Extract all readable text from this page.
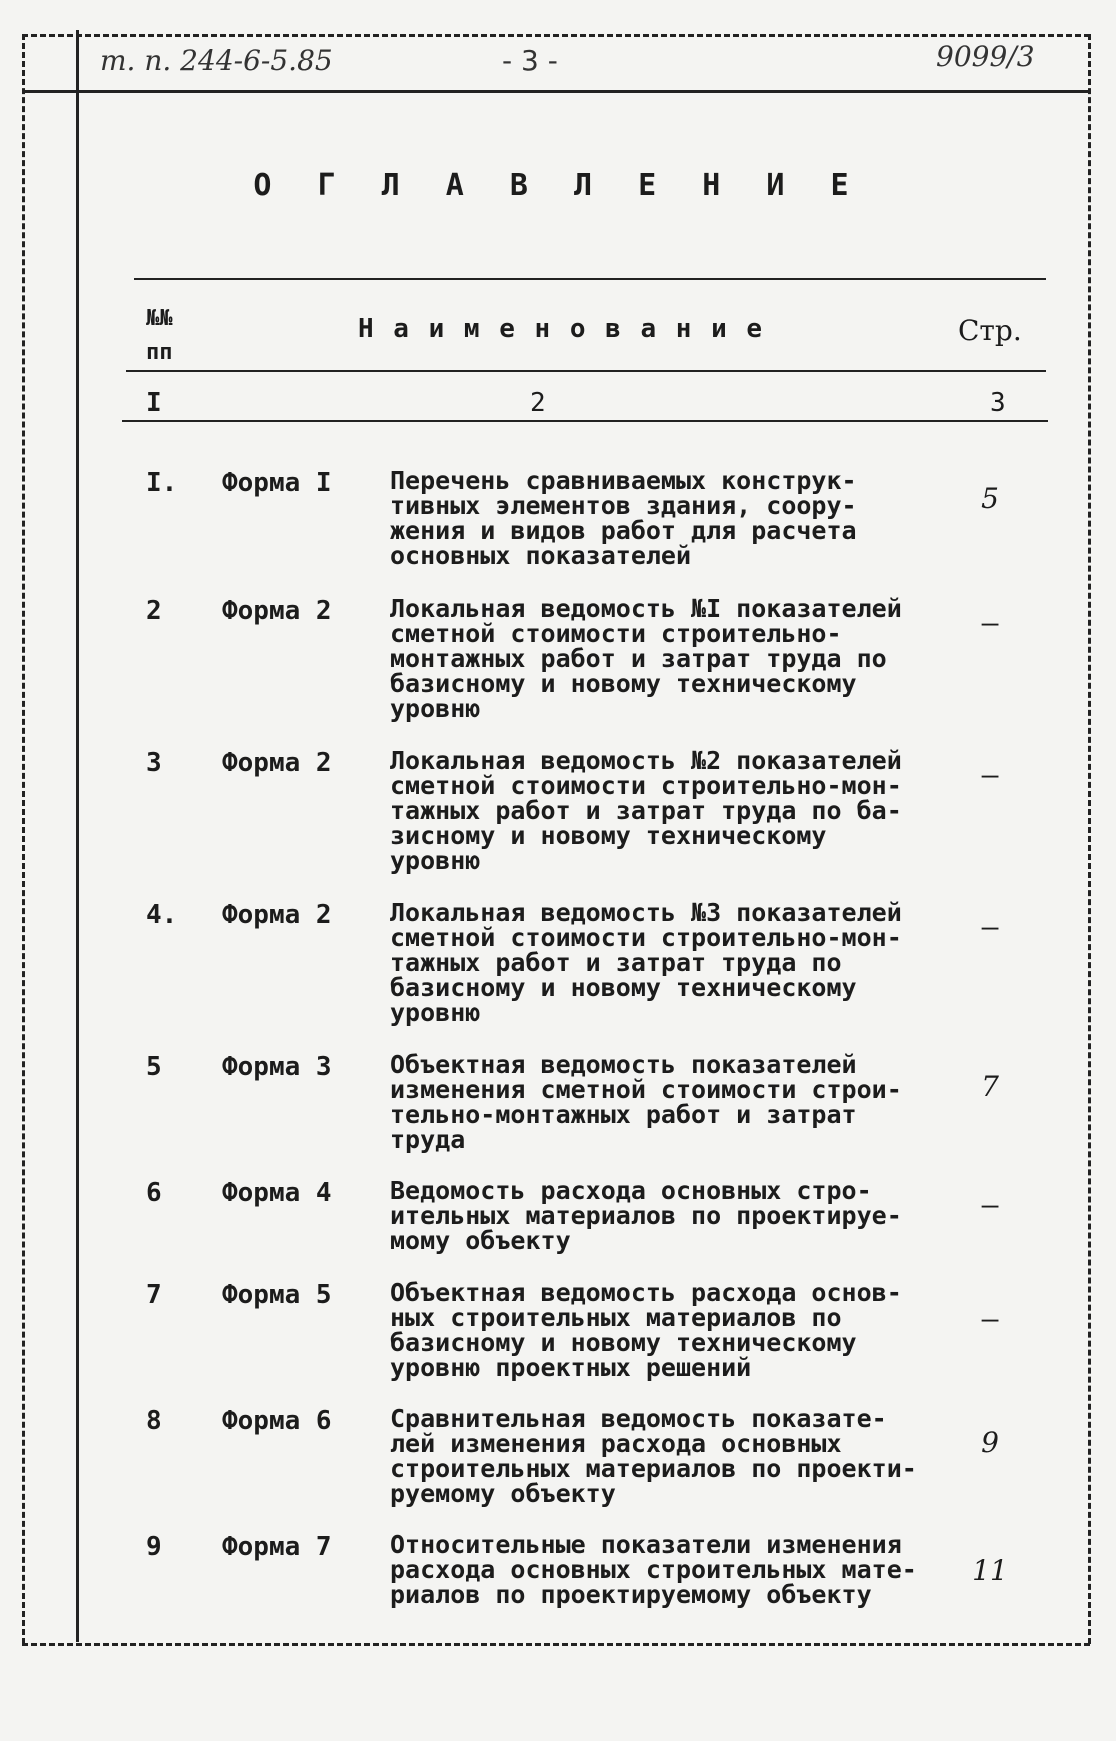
т. п. 244-6-5.85	- 3 -	9099/3
О Г Л А В Л Е Н И Е
№№
пп
Н а и м е н о в а н и е	Стр.
I	2	3
I. Форма I Перечень сравниваемых конструк-
тивных элементов здания, соору-
жения и видов работ для расчета
основных показателей
5
2 Форма 2 Локальная ведомость №I показателей
сметной стоимости строительно-
монтажных работ и затрат труда по
базисному и новому техническому
уровню
–
3 Форма 2 Локальная ведомость №2 показателей
сметной стоимости строительно-мон-
тажных работ и затрат труда по ба-
зисному и новому техническому
уровню
–
4. Форма 2 Локальная ведомость №3 показателей
сметной стоимости строительно-мон-
тажных работ и затрат труда по
базисному и новому техническому
уровню
–
5 Форма 3 Объектная ведомость показателей
изменения сметной стоимости строи-
тельно-монтажных работ и затрат
труда
7
6 Форма 4 Ведомость расхода основных стро-
ительных материалов по проектируе-
мому объекту
–
7 Форма 5 Объектная ведомость расхода основ-
ных строительных материалов по
базисному и новому техническому
уровню проектных решений
–
8 Форма 6 Сравнительная ведомость показате-
лей изменения расхода основных
строительных материалов по проекти-
руемому объекту
9
9 Форма 7 Относительные показатели изменения
расхода основных строительных мате-
риалов по проектируемому объекту
11
